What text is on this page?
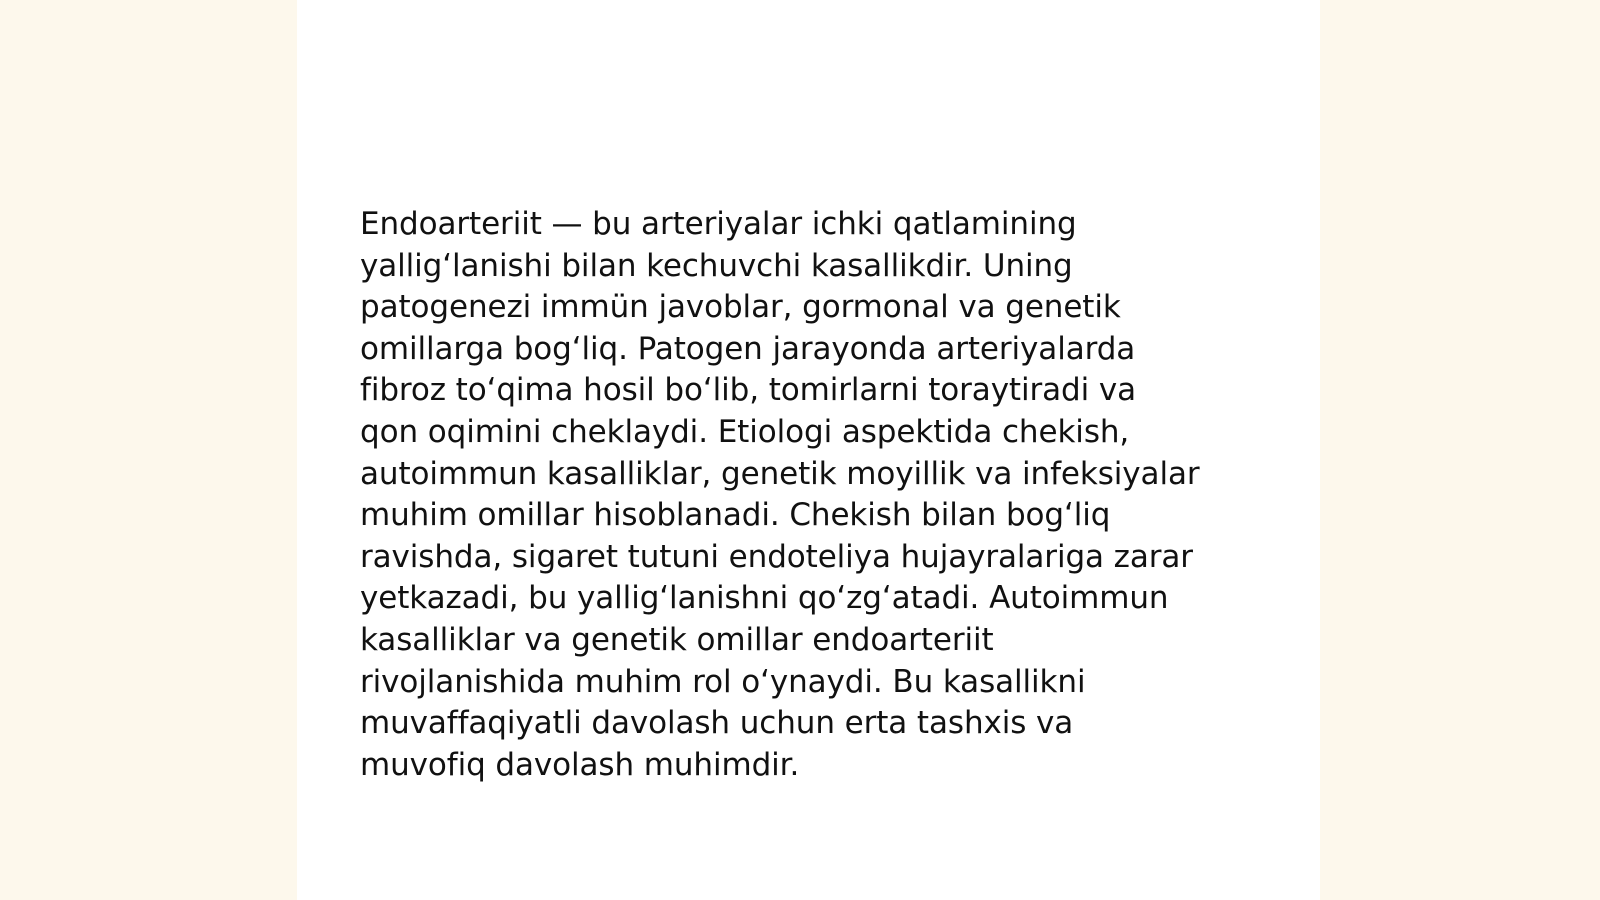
Endoarteriit — bu arteriyalar ichki qatlamining
yallig‘lanishi bilan kechuvchi kasallikdir. Uning
patogenezi immün javoblar, gormonal va genetik
omillarga bog‘liq. Patogen jarayonda arteriyalarda
fibroz to‘qima hosil bo‘lib, tomirlarni toraytiradi va
qon oqimini cheklaydi. Etiologi aspektida chekish,
autoimmun kasalliklar, genetik moyillik va infeksiyalar
muhim omillar hisoblanadi. Chekish bilan bog‘liq
ravishda, sigaret tutuni endoteliya hujayralariga zarar
yetkazadi, bu yallig‘lanishni qo‘zg‘atadi. Autoimmun
kasalliklar va genetik omillar endoarteriit
rivojlanishida muhim rol o‘ynaydi. Bu kasallikni
muvaffaqiyatli davolash uchun erta tashxis va
muvofiq davolash muhimdir.
